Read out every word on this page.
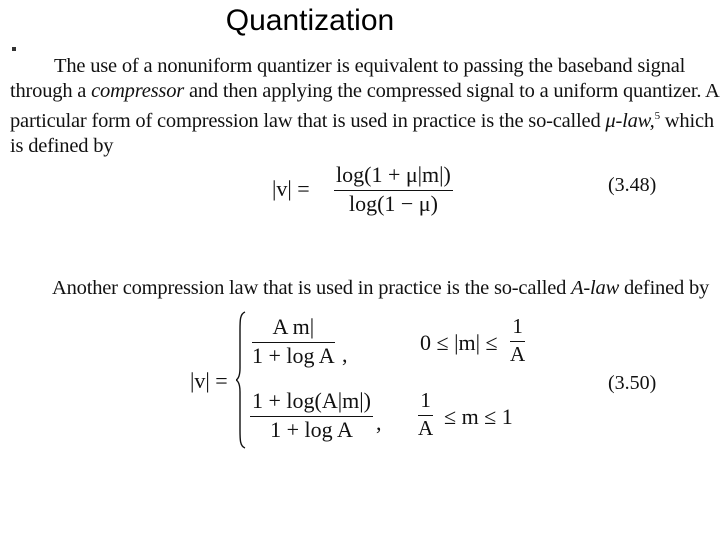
Quantization
The use of a nonuniform quantizer is equivalent to passing the baseband signal
through a compressor and then applying the compressed signal to a uniform quantizer. A
particular form of compression law that is used in practice is the so-called μ-law,$^5$ which
is defined by
|v| =
log(1 + μ|m|)
log(1 − μ)
(3.48)
Another compression law that is used in practice is the so-called A-law defined by
|v| =
A m|
1 + log A ,	0 ≤ |m| ≤
1
A
1 + log(A|m|)
1 + log A	,
1
A ≤ m ≤ 1
(3.50)
